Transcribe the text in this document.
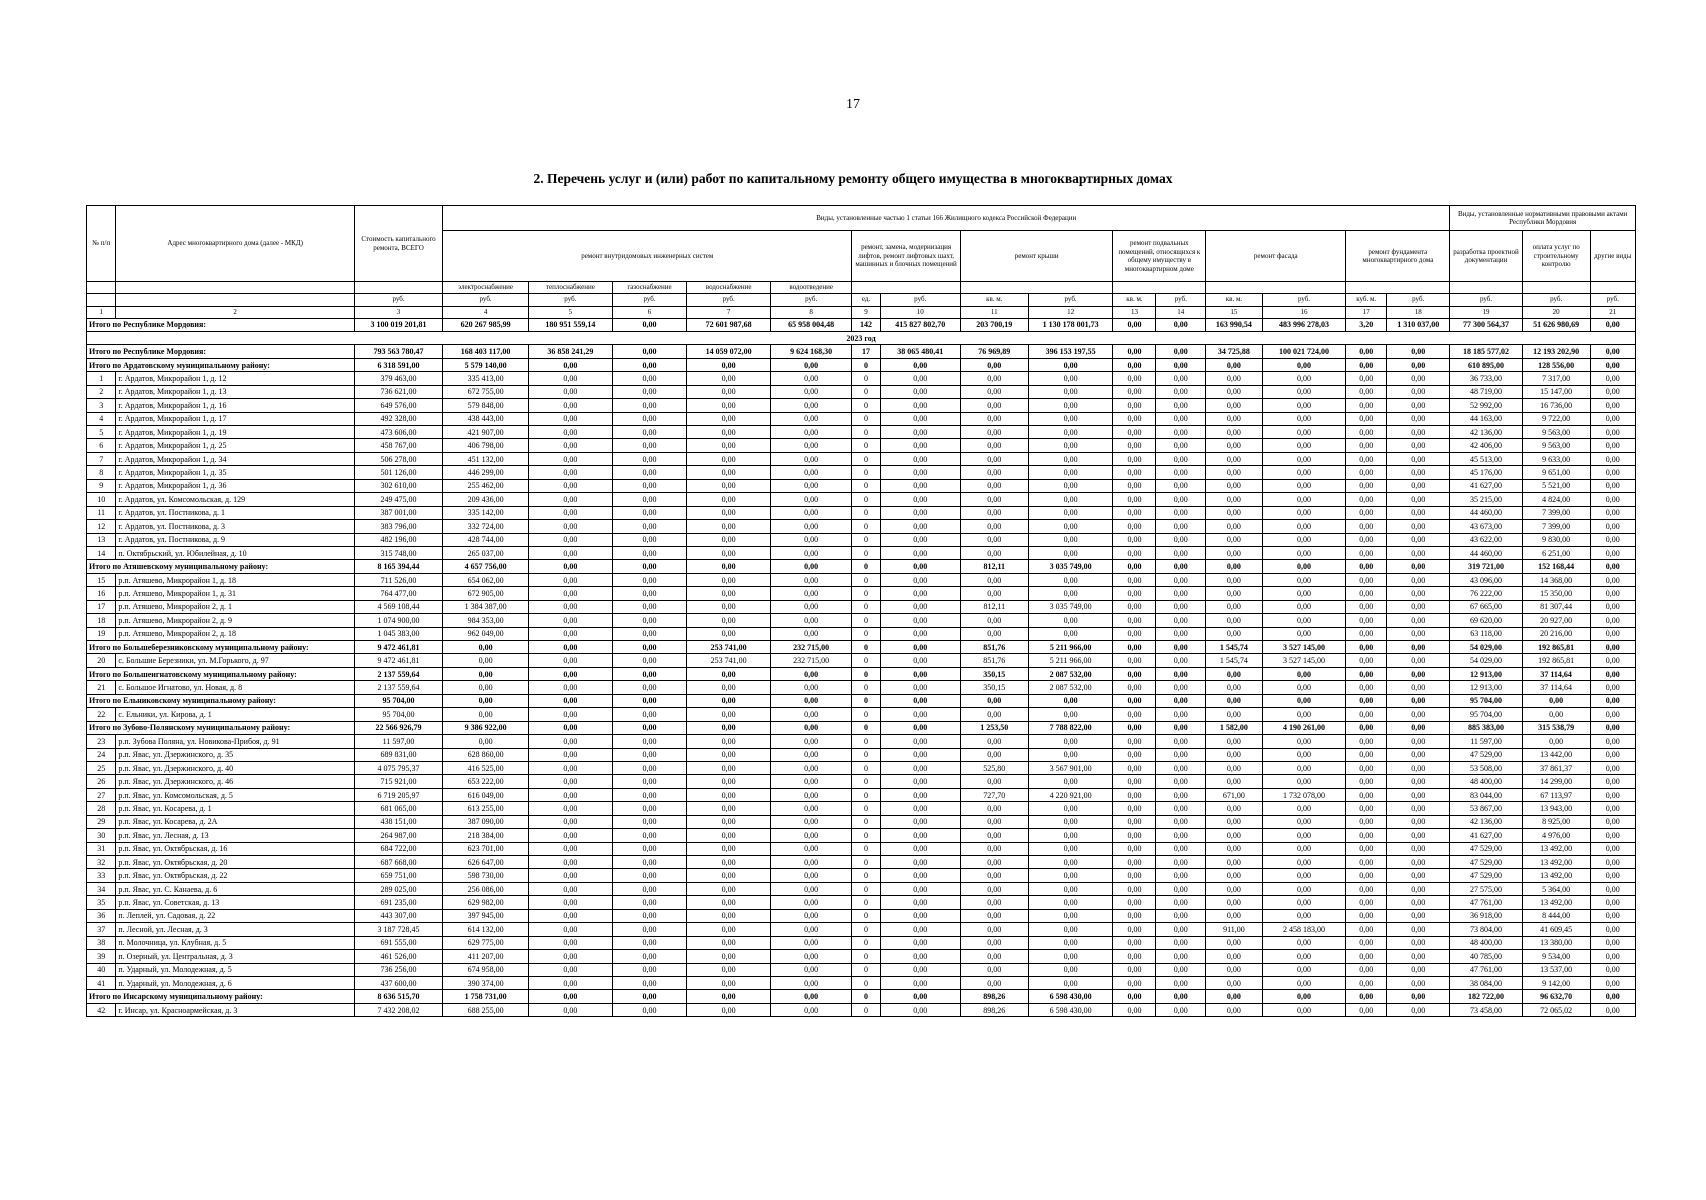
17
2. Перечень услуг и (или) работ по капитальному ремонту общего имущества в многоквартирных домах
№ п/п	Адрес многоквартирного дома (далее - МКД)	Стоимость капитального ремонта, ВСЕГО	Виды, установленные частью 1 статьи 166 Жилищного кодекса Российской Федерации															Виды, установленные нормативными правовыми актами Республики Мордовия		
			ремонт внутридомовых инженерных систем					ремонт, замена, модернизация лифтов, ремонт лифтовых шахт, машинных и блочных помещений		ремонт крыши		ремонт подвальных помещений, относящихся к общему имуществу в многоквартирном доме		ремонт фасада		ремонт фундамента многоквартирного дома		разработка проектной документации	оплата услуг по строительному контролю	другие виды
			электроснабжение	теплоснабжение	газоснабжение	водоснабжение	водоотведение													
		руб.	руб.	руб.	руб.	руб.	руб.	ед.	руб.	кв. м.	руб.	кв. м.	руб.	кв. м.	руб.	куб. м.	руб.	руб.	руб.	руб.
1	2	3	4	5	6	7	8	9	10	11	12	13	14	15	16	17	18	19	20	21
Итого по Республике Мордовия:		3 100 019 201,81	620 267 985,99	180 951 559,14	0,00	72 601 987,68	65 958 004,48	142	415 827 802,70	203 700,19	1 130 178 001,73	0,00	0,00	163 990,54	483 996 278,03	3,20	1 310 037,00	77 300 564,37	51 626 980,69	0,00
2023 год																				
Итого по Республике Мордовия:		793 563 780,47	168 403 117,00	36 858 241,29	0,00	14 059 072,00	9 624 168,30	17	38 065 480,41	76 969,89	396 153 197,55	0,00	0,00	34 725,88	100 021 724,00	0,00	0,00	18 185 577,02	12 193 202,90	0,00
Итого по Ардатовскому муниципальному району:		6 318 591,00	5 579 140,00	0,00	0,00	0,00	0,00	0	0,00	0,00	0,00	0,00	0,00	0,00	0,00	0,00	0,00	610 895,00	128 556,00	0,00
1	г. Ардатов, Микрорайон 1, д. 12	379 463,00	335 413,00	0,00	0,00	0,00	0,00	0	0,00	0,00	0,00	0,00	0,00	0,00	0,00	0,00	0,00	36 733,00	7 317,00	0,00
2	г. Ардатов, Микрорайон 1, д. 13	736 621,00	672 755,00	0,00	0,00	0,00	0,00	0	0,00	0,00	0,00	0,00	0,00	0,00	0,00	0,00	0,00	48 719,00	15 147,00	0,00
3	г. Ардатов, Микрорайон 1, д. 16	649 576,00	579 848,00	0,00	0,00	0,00	0,00	0	0,00	0,00	0,00	0,00	0,00	0,00	0,00	0,00	0,00	52 992,00	16 736,00	0,00
4	г. Ардатов, Микрорайон 1, д. 17	492 328,00	438 443,00	0,00	0,00	0,00	0,00	0	0,00	0,00	0,00	0,00	0,00	0,00	0,00	0,00	0,00	44 163,00	9 722,00	0,00
5	г. Ардатов, Микрорайон 1, д. 19	473 606,00	421 907,00	0,00	0,00	0,00	0,00	0	0,00	0,00	0,00	0,00	0,00	0,00	0,00	0,00	0,00	42 136,00	9 563,00	0,00
6	г. Ардатов, Микрорайон 1, д. 25	458 767,00	406 798,00	0,00	0,00	0,00	0,00	0	0,00	0,00	0,00	0,00	0,00	0,00	0,00	0,00	0,00	42 406,00	9 563,00	0,00
7	г. Ардатов, Микрорайон 1, д. 34	506 278,00	451 132,00	0,00	0,00	0,00	0,00	0	0,00	0,00	0,00	0,00	0,00	0,00	0,00	0,00	0,00	45 513,00	9 633,00	0,00
8	г. Ардатов, Микрорайон 1, д. 35	501 126,00	446 299,00	0,00	0,00	0,00	0,00	0	0,00	0,00	0,00	0,00	0,00	0,00	0,00	0,00	0,00	45 176,00	9 651,00	0,00
9	г. Ардатов, Микрорайон 1, д. 36	302 610,00	255 462,00	0,00	0,00	0,00	0,00	0	0,00	0,00	0,00	0,00	0,00	0,00	0,00	0,00	0,00	41 627,00	5 521,00	0,00
10	г. Ардатов, ул. Комсомольская, д. 129	249 475,00	209 436,00	0,00	0,00	0,00	0,00	0	0,00	0,00	0,00	0,00	0,00	0,00	0,00	0,00	0,00	35 215,00	4 824,00	0,00
11	г. Ардатов, ул. Постникова, д. 1	387 001,00	335 142,00	0,00	0,00	0,00	0,00	0	0,00	0,00	0,00	0,00	0,00	0,00	0,00	0,00	0,00	44 460,00	7 399,00	0,00
12	г. Ардатов, ул. Постникова, д. 3	383 796,00	332 724,00	0,00	0,00	0,00	0,00	0	0,00	0,00	0,00	0,00	0,00	0,00	0,00	0,00	0,00	43 673,00	7 399,00	0,00
13	г. Ардатов, ул. Постникова, д. 9	482 196,00	428 744,00	0,00	0,00	0,00	0,00	0	0,00	0,00	0,00	0,00	0,00	0,00	0,00	0,00	0,00	43 622,00	9 830,00	0,00
14	п. Октябрьский, ул. Юбилейная, д. 10	315 748,00	265 037,00	0,00	0,00	0,00	0,00	0	0,00	0,00	0,00	0,00	0,00	0,00	0,00	0,00	0,00	44 460,00	6 251,00	0,00
Итого по Атяшевскому муниципальному району:		8 165 394,44	4 657 756,00	0,00	0,00	0,00	0,00	0	0,00	812,11	3 035 749,00	0,00	0,00	0,00	0,00	0,00	0,00	319 721,00	152 168,44	0,00
15	р.п. Атяшево, Микрорайон 1, д. 18	711 526,00	654 062,00	0,00	0,00	0,00	0,00	0	0,00	0,00	0,00	0,00	0,00	0,00	0,00	0,00	0,00	43 096,00	14 368,00	0,00
16	р.п. Атяшево, Микрорайон 1, д. 31	764 477,00	672 905,00	0,00	0,00	0,00	0,00	0	0,00	0,00	0,00	0,00	0,00	0,00	0,00	0,00	0,00	76 222,00	15 350,00	0,00
17	р.п. Атяшево, Микрорайон 2, д. 1	4 569 108,44	1 384 387,00	0,00	0,00	0,00	0,00	0	0,00	812,11	3 035 749,00	0,00	0,00	0,00	0,00	0,00	0,00	67 665,00	81 307,44	0,00
18	р.п. Атяшево, Микрорайон 2, д. 9	1 074 900,00	984 353,00	0,00	0,00	0,00	0,00	0	0,00	0,00	0,00	0,00	0,00	0,00	0,00	0,00	0,00	69 620,00	20 927,00	0,00
19	р.п. Атяшево, Микрорайон 2, д. 18	1 045 383,00	962 049,00	0,00	0,00	0,00	0,00	0	0,00	0,00	0,00	0,00	0,00	0,00	0,00	0,00	0,00	63 118,00	20 216,00	0,00
Итого по Большеберезниковскому муниципальному району:		9 472 461,81	0,00	0,00	0,00	253 741,00	232 715,00	0	0,00	851,76	5 211 966,00	0,00	0,00	1 545,74	3 527 145,00	0,00	0,00	54 029,00	192 865,81	0,00
20	с. Большие Березники, ул. М.Горького, д. 97	9 472 461,81	0,00	0,00	0,00	253 741,00	232 715,00	0	0,00	851,76	5 211 966,00	0,00	0,00	1 545,74	3 527 145,00	0,00	0,00	54 029,00	192 865,81	0,00
Итого по Большеигнатовскому муниципальному району:		2 137 559,64	0,00	0,00	0,00	0,00	0,00	0	0,00	350,15	2 087 532,00	0,00	0,00	0,00	0,00	0,00	0,00	12 913,00	37 114,64	0,00
21	с. Большое Игнатово, ул. Новая, д. 8	2 137 559,64	0,00	0,00	0,00	0,00	0,00	0	0,00	350,15	2 087 532,00	0,00	0,00	0,00	0,00	0,00	0,00	12 913,00	37 114,64	0,00
Итого по Ельниковскому муниципальному району:		95 704,00	0,00	0,00	0,00	0,00	0,00	0	0,00	0,00	0,00	0,00	0,00	0,00	0,00	0,00	0,00	95 704,00	0,00	0,00
22	с. Ельники, ул. Кирова, д. 1	95 704,00	0,00	0,00	0,00	0,00	0,00	0	0,00	0,00	0,00	0,00	0,00	0,00	0,00	0,00	0,00	95 704,00	0,00	0,00
Итого по Зубово-Полянскому муниципальному району:		22 566 926,79	9 386 922,00	0,00	0,00	0,00	0,00	0	0,00	1 253,50	7 788 822,00	0,00	0,00	1 582,00	4 190 261,00	0,00	0,00	885 383,00	315 538,79	0,00
23	р.п. Зубова Поляна, ул. Новикова-Прибоя, д. 91	11 597,00	0,00	0,00	0,00	0,00	0,00	0	0,00	0,00	0,00	0,00	0,00	0,00	0,00	0,00	0,00	11 597,00	0,00	0,00
24	р.п. Явас, ул. Дзержинского, д. 35	689 831,00	628 860,00	0,00	0,00	0,00	0,00	0	0,00	0,00	0,00	0,00	0,00	0,00	0,00	0,00	0,00	47 529,00	13 442,00	0,00
25	р.п. Явас, ул. Дзержинского, д. 40	4 075 795,37	416 525,00	0,00	0,00	0,00	0,00	0	0,00	525,80	3 567 901,00	0,00	0,00	0,00	0,00	0,00	0,00	53 508,00	37 861,37	0,00
26	р.п. Явас, ул. Дзержинского, д. 46	715 921,00	653 222,00	0,00	0,00	0,00	0,00	0	0,00	0,00	0,00	0,00	0,00	0,00	0,00	0,00	0,00	48 400,00	14 299,00	0,00
27	р.п. Явас, ул. Комсомольская, д. 5	6 719 205,97	616 049,00	0,00	0,00	0,00	0,00	0	0,00	727,70	4 220 921,00	0,00	0,00	671,00	1 732 078,00	0,00	0,00	83 044,00	67 113,97	0,00
28	р.п. Явас, ул. Косарева, д. 1	681 065,00	613 255,00	0,00	0,00	0,00	0,00	0	0,00	0,00	0,00	0,00	0,00	0,00	0,00	0,00	0,00	53 867,00	13 943,00	0,00
29	р.п. Явас, ул. Косарева, д. 2А	438 151,00	387 090,00	0,00	0,00	0,00	0,00	0	0,00	0,00	0,00	0,00	0,00	0,00	0,00	0,00	0,00	42 136,00	8 925,00	0,00
30	р.п. Явас, ул. Лесная, д. 13	264 987,00	218 384,00	0,00	0,00	0,00	0,00	0	0,00	0,00	0,00	0,00	0,00	0,00	0,00	0,00	0,00	41 627,00	4 976,00	0,00
31	р.п. Явас, ул. Октябрьская, д. 16	684 722,00	623 701,00	0,00	0,00	0,00	0,00	0	0,00	0,00	0,00	0,00	0,00	0,00	0,00	0,00	0,00	47 529,00	13 492,00	0,00
32	р.п. Явас, ул. Октябрьская, д. 20	687 668,00	626 647,00	0,00	0,00	0,00	0,00	0	0,00	0,00	0,00	0,00	0,00	0,00	0,00	0,00	0,00	47 529,00	13 492,00	0,00
33	р.п. Явас, ул. Октябрьская, д. 22	659 751,00	598 730,00	0,00	0,00	0,00	0,00	0	0,00	0,00	0,00	0,00	0,00	0,00	0,00	0,00	0,00	47 529,00	13 492,00	0,00
34	р.п. Явас, ул. С. Канаева, д. 6	289 025,00	256 086,00	0,00	0,00	0,00	0,00	0	0,00	0,00	0,00	0,00	0,00	0,00	0,00	0,00	0,00	27 575,00	5 364,00	0,00
35	р.п. Явас, ул. Советская, д. 13	691 235,00	629 982,00	0,00	0,00	0,00	0,00	0	0,00	0,00	0,00	0,00	0,00	0,00	0,00	0,00	0,00	47 761,00	13 492,00	0,00
36	п. Леплей, ул. Садовая, д. 22	443 307,00	397 945,00	0,00	0,00	0,00	0,00	0	0,00	0,00	0,00	0,00	0,00	0,00	0,00	0,00	0,00	36 918,00	8 444,00	0,00
37	п. Лесной, ул. Лесная, д. 3	3 187 728,45	614 132,00	0,00	0,00	0,00	0,00	0	0,00	0,00	0,00	0,00	0,00	911,00	2 458 183,00	0,00	0,00	73 804,00	41 609,45	0,00
38	п. Молочница, ул. Клубная, д. 5	691 555,00	629 775,00	0,00	0,00	0,00	0,00	0	0,00	0,00	0,00	0,00	0,00	0,00	0,00	0,00	0,00	48 400,00	13 380,00	0,00
39	п. Озерный, ул. Центральная, д. 3	461 526,00	411 207,00	0,00	0,00	0,00	0,00	0	0,00	0,00	0,00	0,00	0,00	0,00	0,00	0,00	0,00	40 785,00	9 534,00	0,00
40	п. Ударный, ул. Молодежная, д. 5	736 256,00	674 958,00	0,00	0,00	0,00	0,00	0	0,00	0,00	0,00	0,00	0,00	0,00	0,00	0,00	0,00	47 761,00	13 537,00	0,00
41	п. Ударный, ул. Молодежная, д. 6	437 600,00	390 374,00	0,00	0,00	0,00	0,00	0	0,00	0,00	0,00	0,00	0,00	0,00	0,00	0,00	0,00	38 084,00	9 142,00	0,00
Итого по Инсарскому муниципальному району:		8 636 515,70	1 758 731,00	0,00	0,00	0,00	0,00	0	0,00	898,26	6 598 430,00	0,00	0,00	0,00	0,00	0,00	0,00	182 722,00	96 632,70	0,00
42	г. Инсар, ул. Красноармейская, д. 3	7 432 208,02	688 255,00	0,00	0,00	0,00	0,00	0	0,00	898,26	6 598 430,00	0,00	0,00	0,00	0,00	0,00	0,00	73 458,00	72 065,02	0,00
